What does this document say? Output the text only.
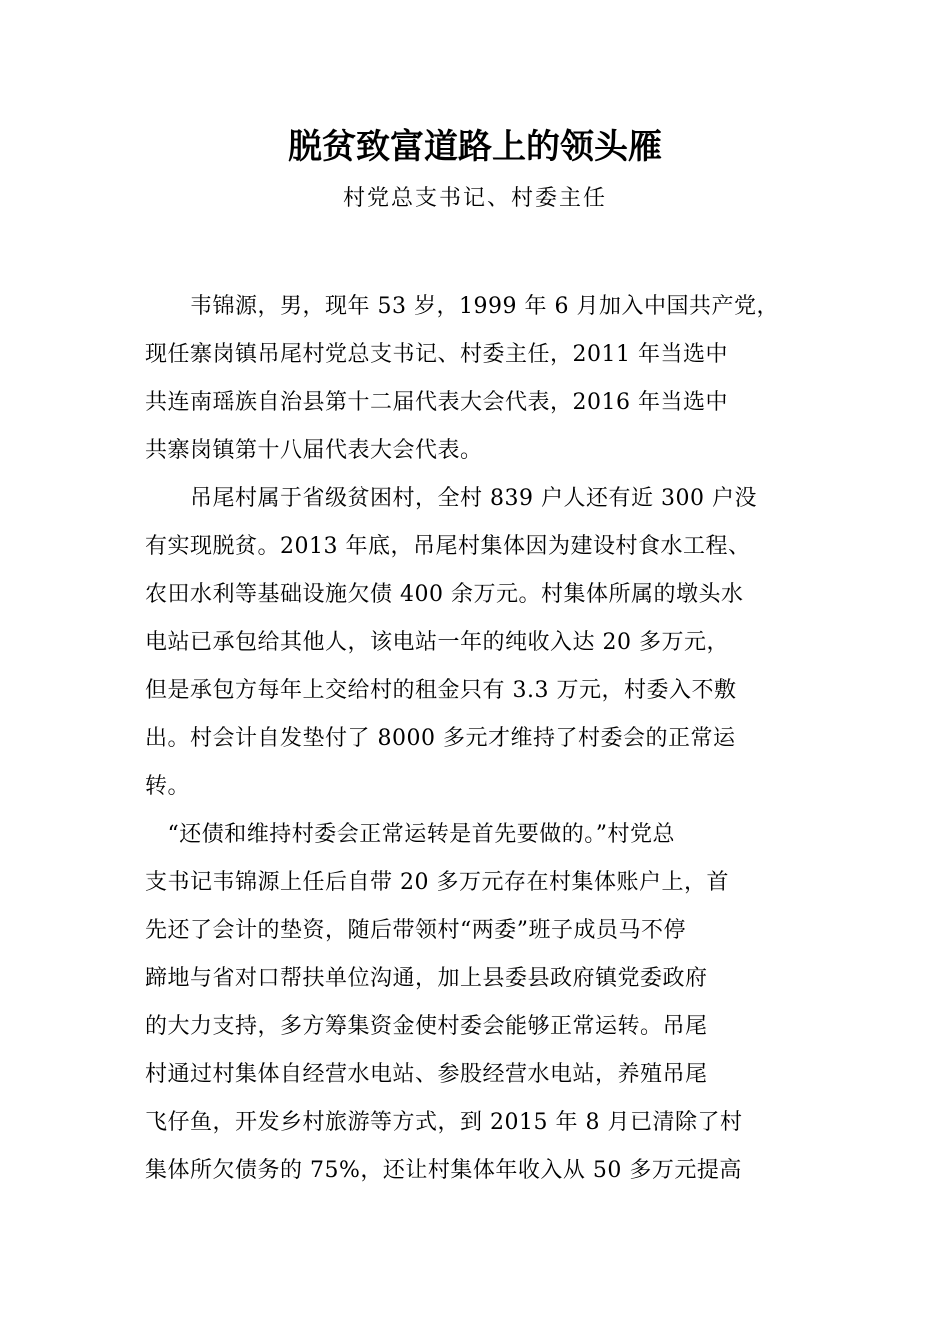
脱贫致富道路上的领头雁
村党总支书记、村委主任
　　韦锦源，男，现年 53 岁，1999 年 6 月加入中国共产党，
现任寨岗镇吊尾村党总支书记、村委主任，2011 年当选中
共连南瑶族自治县第十二届代表大会代表，2016 年当选中
共寨岗镇第十八届代表大会代表。
　　吊尾村属于省级贫困村，全村 839 户人还有近 300 户没
有实现脱贫。2013 年底，吊尾村集体因为建设村食水工程、
农田水利等基础设施欠债 400 余万元。村集体所属的墩头水
电站已承包给其他人，该电站一年的纯收入达 20 多万元，
但是承包方每年上交给村的租金只有 3.3 万元，村委入不敷
出。村会计自发垫付了 8000 多元才维持了村委会的正常运
转。
　“还债和维持村委会正常运转是首先要做的。”村党总
支书记韦锦源上任后自带 20 多万元存在村集体账户上，首
先还了会计的垫资，随后带领村“两委”班子成员马不停
蹄地与省对口帮扶单位沟通，加上县委县政府镇党委政府
的大力支持，多方筹集资金使村委会能够正常运转。吊尾
村通过村集体自经营水电站、参股经营水电站，养殖吊尾
飞仔鱼，开发乡村旅游等方式，到 2015 年 8 月已清除了村
集体所欠债务的 75%，还让村集体年收入从 50 多万元提高
